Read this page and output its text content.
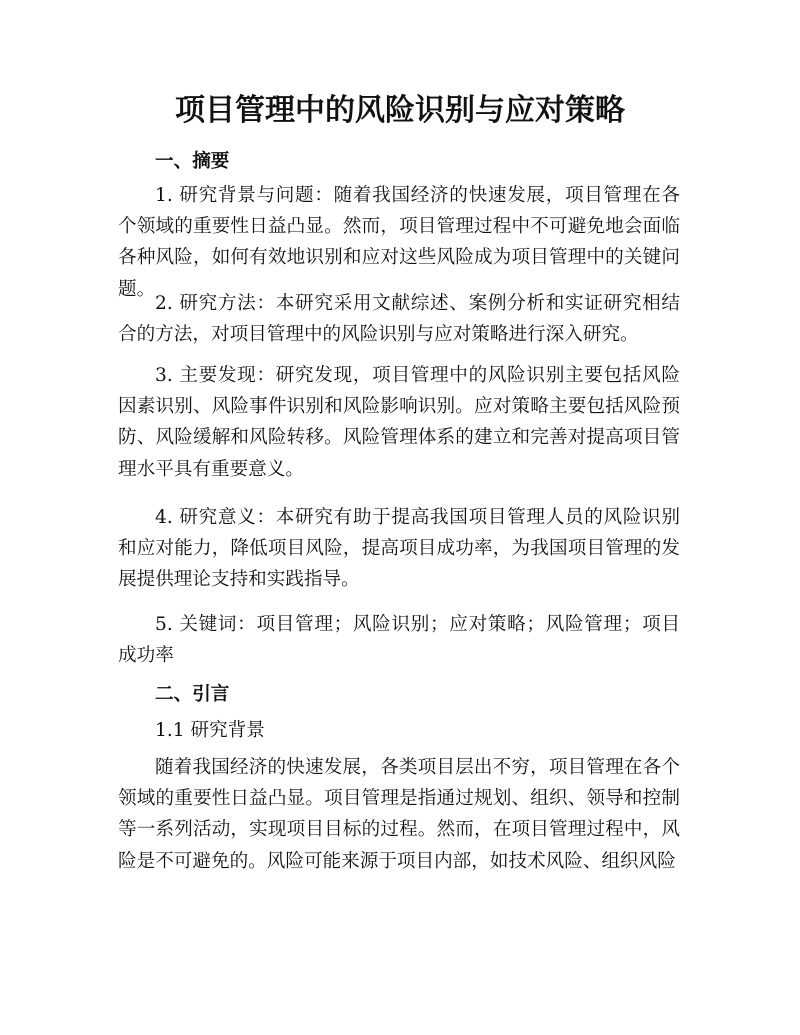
项目管理中的风险识别与应对策略

一、摘要

1. 研究背景与问题：随着我国经济的快速发展，项目管理在各个领域的重要性日益凸显。然而，项目管理过程中不可避免地会面临各种风险，如何有效地识别和应对这些风险成为项目管理中的关键问题。

2. 研究方法：本研究采用文献综述、案例分析和实证研究相结合的方法，对项目管理中的风险识别与应对策略进行深入研究。

3. 主要发现：研究发现，项目管理中的风险识别主要包括风险因素识别、风险事件识别和风险影响识别。应对策略主要包括风险预防、风险缓解和风险转移。风险管理体系的建立和完善对提高项目管理水平具有重要意义。

4. 研究意义：本研究有助于提高我国项目管理人员的风险识别和应对能力，降低项目风险，提高项目成功率，为我国项目管理的发展提供理论支持和实践指导。

5. 关键词：项目管理；风险识别；应对策略；风险管理；项目成功率

二、引言

1.1 研究背景

随着我国经济的快速发展，各类项目层出不穷，项目管理在各个领域的重要性日益凸显。项目管理是指通过规划、组织、领导和控制等一系列活动，实现项目目标的过程。然而，在项目管理过程中，风险是不可避免的。风险可能来源于项目内部，如技术风险、组织风险
